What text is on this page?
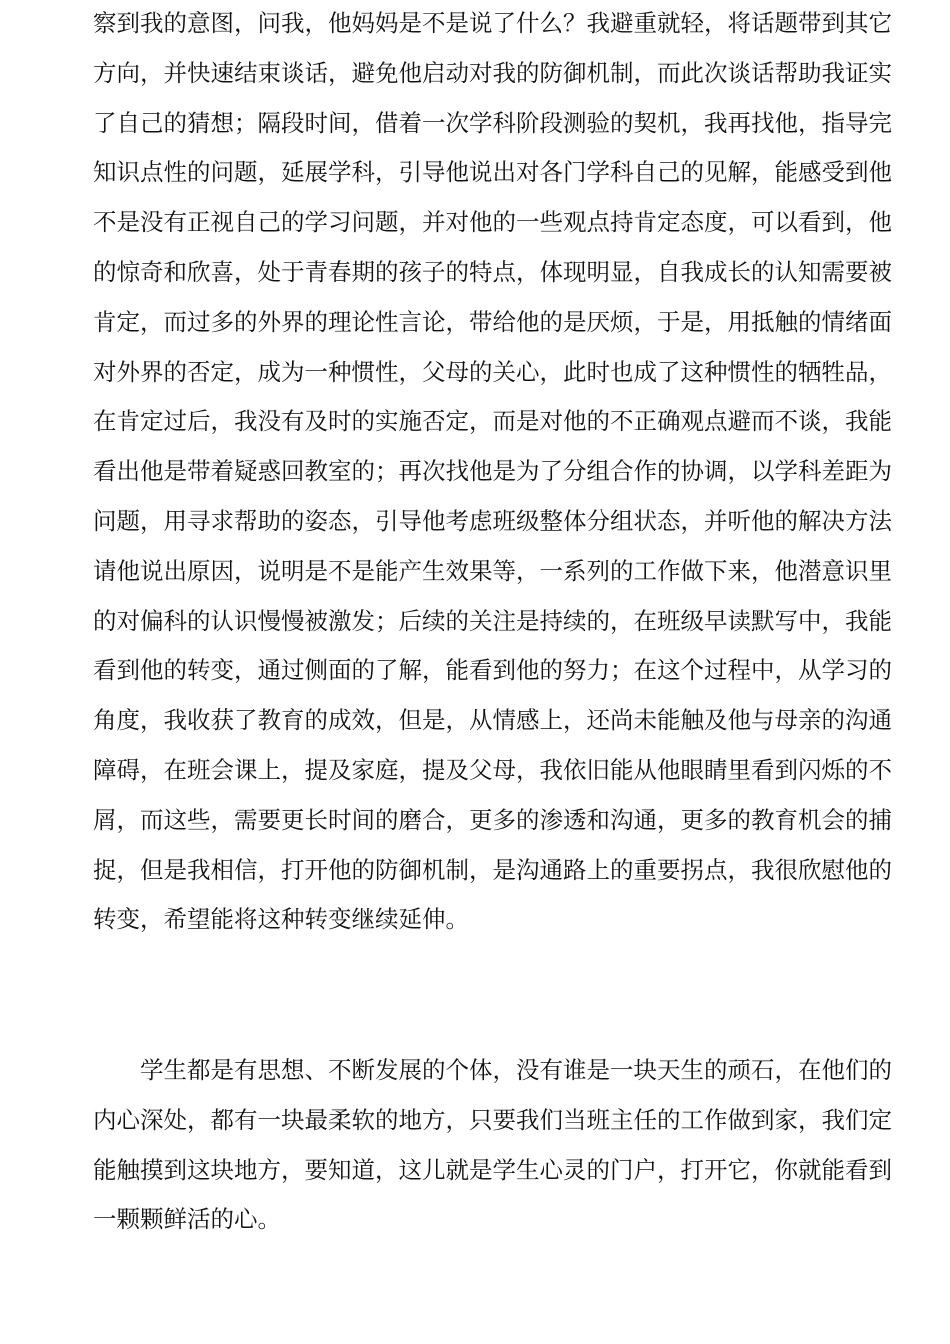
察到我的意图，问我，他妈妈是不是说了什么？我避重就轻，将话题带到其它
方向，并快速结束谈话，避免他启动对我的防御机制，而此次谈话帮助我证实
了自己的猜想；隔段时间，借着一次学科阶段测验的契机，我再找他，指导完
知识点性的问题，延展学科，引导他说出对各门学科自己的见解，能感受到他
不是没有正视自己的学习问题，并对他的一些观点持肯定态度，可以看到，他
的惊奇和欣喜，处于青春期的孩子的特点，体现明显，自我成长的认知需要被
肯定，而过多的外界的理论性言论，带给他的是厌烦，于是，用抵触的情绪面
对外界的否定，成为一种惯性，父母的关心，此时也成了这种惯性的牺牲品，
在肯定过后，我没有及时的实施否定，而是对他的不正确观点避而不谈，我能
看出他是带着疑惑回教室的；再次找他是为了分组合作的协调，以学科差距为
问题，用寻求帮助的姿态，引导他考虑班级整体分组状态，并听他的解决方法
请他说出原因，说明是不是能产生效果等，一系列的工作做下来，他潜意识里
的对偏科的认识慢慢被激发；后续的关注是持续的，在班级早读默写中，我能
看到他的转变，通过侧面的了解，能看到他的努力；在这个过程中，从学习的
角度，我收获了教育的成效，但是，从情感上，还尚未能触及他与母亲的沟通
障碍，在班会课上，提及家庭，提及父母，我依旧能从他眼睛里看到闪烁的不
屑，而这些，需要更长时间的磨合，更多的渗透和沟通，更多的教育机会的捕
捉，但是我相信，打开他的防御机制，是沟通路上的重要拐点，我很欣慰他的
转变，希望能将这种转变继续延伸。
学生都是有思想、不断发展的个体，没有谁是一块天生的顽石，在他们的
内心深处，都有一块最柔软的地方，只要我们当班主任的工作做到家，我们定
能触摸到这块地方，要知道，这儿就是学生心灵的门户，打开它，你就能看到
一颗颗鲜活的心。
